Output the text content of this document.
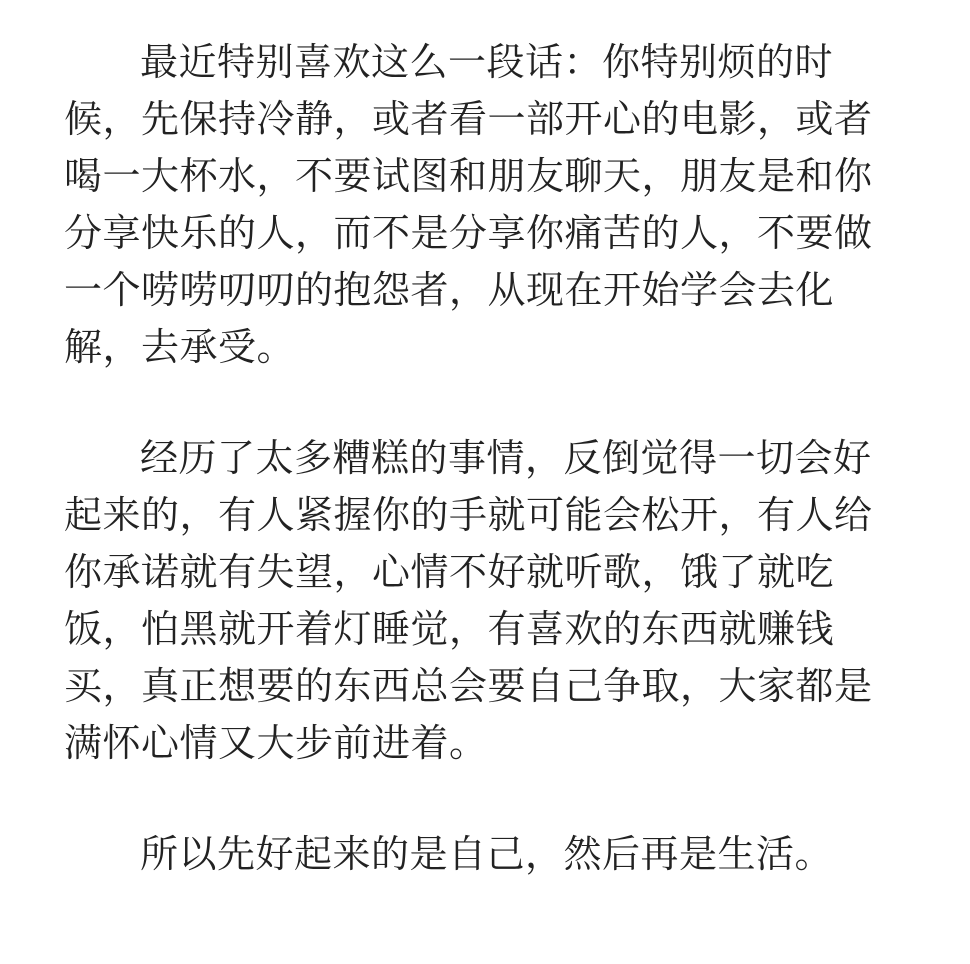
最近特别喜欢这么一段话：你特别烦的时候，先保持冷静，或者看一部开心的电影，或者喝一大杯水，不要试图和朋友聊天，朋友是和你分享快乐的人，而不是分享你痛苦的人，不要做一个唠唠叨叨的抱怨者，从现在开始学会去化解，去承受。

经历了太多糟糕的事情，反倒觉得一切会好起来的，有人紧握你的手就可能会松开，有人给你承诺就有失望，心情不好就听歌，饿了就吃饭，怕黑就开着灯睡觉，有喜欢的东西就赚钱买，真正想要的东西总会要自己争取，大家都是满怀心情又大步前进着。

所以先好起来的是自己，然后再是生活。
